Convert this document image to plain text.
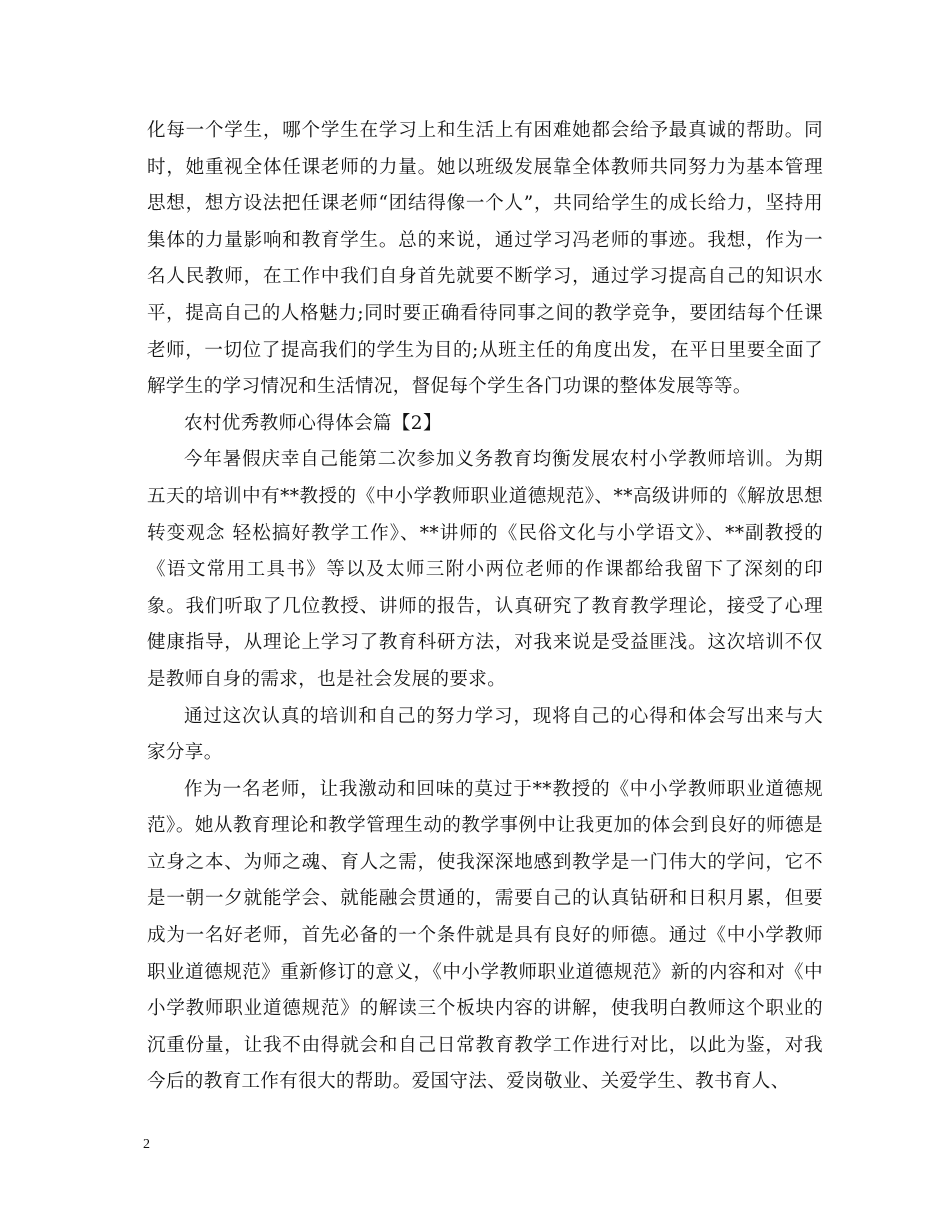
化每一个学生，哪个学生在学习上和生活上有困难她都会给予最真诚的帮助。同时，她重视全体任课老师的力量。她以班级发展靠全体教师共同努力为基本管理思想，想方设法把任课老师“团结得像一个人”，共同给学生的成长给力，坚持用集体的力量影响和教育学生。总的来说，通过学习冯老师的事迹。我想，作为一名人民教师，在工作中我们自身首先就要不断学习，通过学习提高自己的知识水平，提高自己的人格魅力;同时要正确看待同事之间的教学竞争，要团结每个任课老师，一切位了提高我们的学生为目的;从班主任的角度出发，在平日里要全面了解学生的学习情况和生活情况，督促每个学生各门功课的整体发展等等。

农村优秀教师心得体会篇【2】

今年暑假庆幸自己能第二次参加义务教育均衡发展农村小学教师培训。为期五天的培训中有**教授的《中小学教师职业道德规范》、**高级讲师的《解放思想转变观念 轻松搞好教学工作》、**讲师的《民俗文化与小学语文》、**副教授的《语文常用工具书》等以及太师三附小两位老师的作课都给我留下了深刻的印象。我们听取了几位教授、讲师的报告，认真研究了教育教学理论，接受了心理健康指导，从理论上学习了教育科研方法，对我来说是受益匪浅。这次培训不仅是教师自身的需求，也是社会发展的要求。

通过这次认真的培训和自己的努力学习，现将自己的心得和体会写出来与大家分享。

作为一名老师，让我激动和回味的莫过于**教授的《中小学教师职业道德规范》。她从教育理论和教学管理生动的教学事例中让我更加的体会到良好的师德是立身之本、为师之魂、育人之需，使我深深地感到教学是一门伟大的学问，它不是一朝一夕就能学会、就能融会贯通的，需要自己的认真钻研和日积月累，但要成为一名好老师，首先必备的一个条件就是具有良好的师德。通过《中小学教师职业道德规范》重新修订的意义，《中小学教师职业道德规范》新的内容和对《中小学教师职业道德规范》的解读三个板块内容的讲解，使我明白教师这个职业的沉重份量，让我不由得就会和自己日常教育教学工作进行对比，以此为鉴，对我今后的教育工作有很大的帮助。爱国守法、爱岗敬业、关爱学生、教书育人、

2
